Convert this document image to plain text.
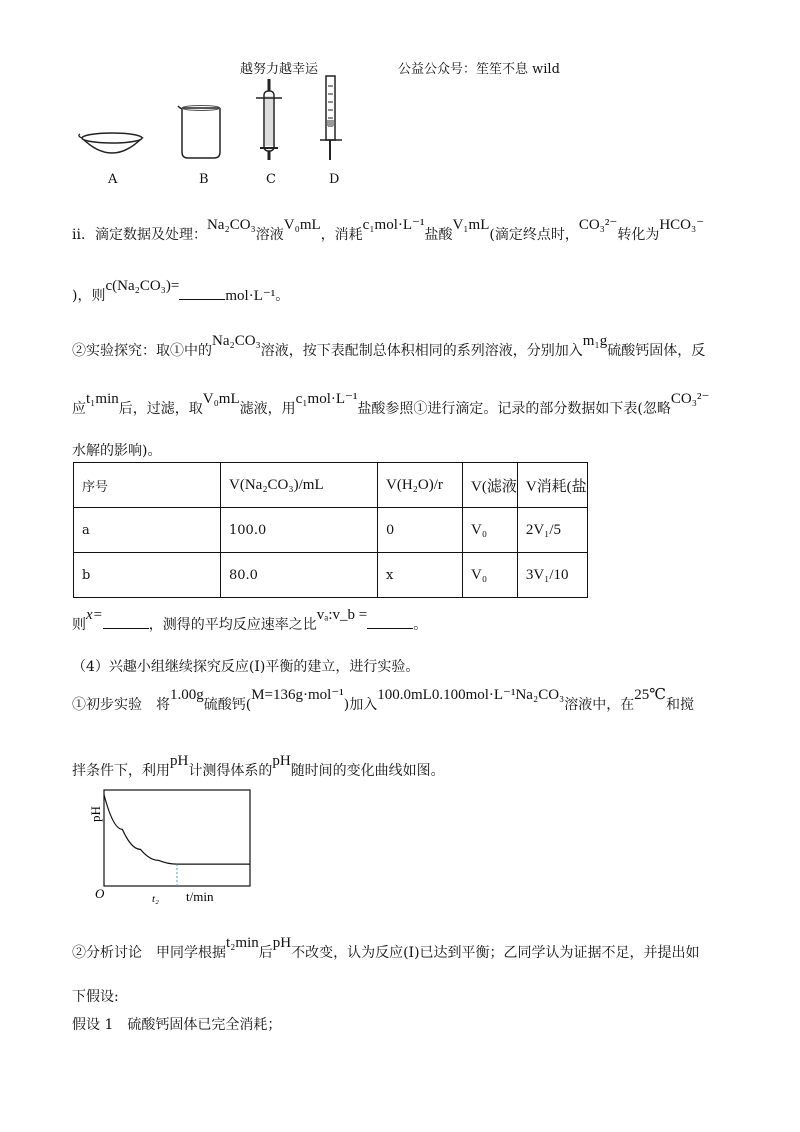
越努力越幸运	公益公众号：笙笙不息 wild
A	B	C	D
ii．滴定数据及处理：Na₂CO₃溶液V₀mL，消耗c₁mol·L⁻¹盐酸V₁mL(滴定终点时，CO₃²⁻转化为HCO₃⁻
)，则c(Na₂CO₃)=mol·L⁻¹。
②实验探究：取①中的Na₂CO₃溶液，按下表配制总体积相同的系列溶液，分别加入m₁g硫酸钙固体，反
应t₁min后，过滤，取V₀mL滤液，用c₁mol·L⁻¹盐酸参照①进行滴定。记录的部分数据如下表(忽略CO₃²⁻
水解的影响)。
序号	V(Na₂CO₃)/mL	V(H₂O)/r	V(滤液	V消耗(盐
a	100.0	0	V₀	2V₁/5
b	80.0	x	V₀	3V₁/10
则x=，测得的平均反应速率之比vₐ:v_b =。
（4）兴趣小组继续探究反应(Ⅰ)平衡的建立，进行实验。
①初步实验　将1.00g硫酸钙(M=136g·mol⁻¹)加入100.0mL0.100mol·L⁻¹Na₂CO₃溶液中，在25℃和搅
拌条件下，利用pH计测得体系的pH随时间的变化曲线如图。
pH
O	t₂ t/min
②分析讨论　甲同学根据t₂min后pH不改变，认为反应(Ⅰ)已达到平衡；乙同学认为证据不足，并提出如
下假设:
假设 1　硫酸钙固体已完全消耗；
